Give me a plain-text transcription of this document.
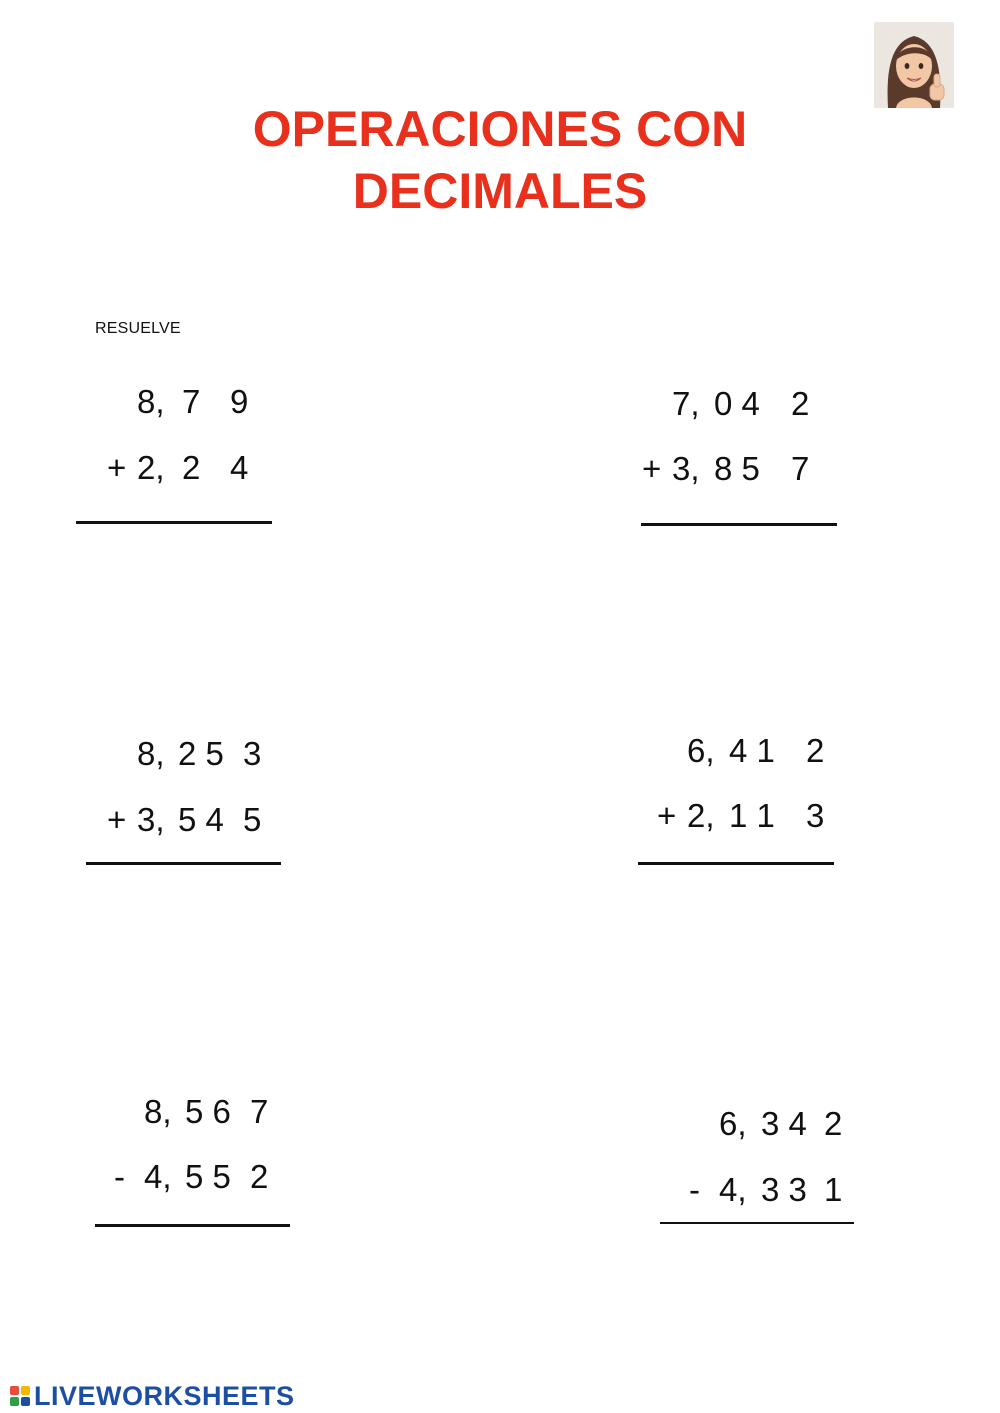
OPERACIONES CON
DECIMALES
RESUELVE
8, 7 9
+ 2, 2 4
7, 0 4 2
+ 3, 8 5 7
8, 2 5 3
+ 3, 5 4 5
6, 4 1 2
+ 2, 1 1 3
8, 5 6 7
- 4, 5 5 2
6, 3 4 2
- 4, 3 3 1
LIVEWORKSHEETS
